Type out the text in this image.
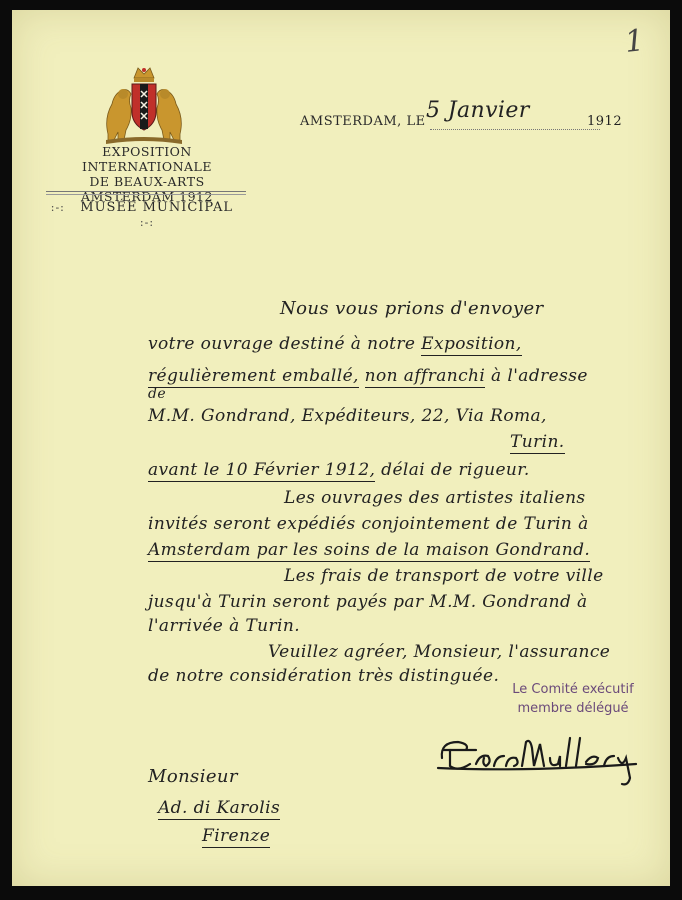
1
EXPOSITION INTERNATIONALE
DE BEAUX-ARTS
AMSTERDAM 1912
:-: MUSÉE MUNICIPAL   :-:
AMSTERDAM, LE 5 Janvier	1912
Nous vous prions d'envoyer
votre ouvrage destiné à notre Exposition,
régulièrement emballé, non affranchi à l'adresse
de
M.M. Gondrand, Expéditeurs, 22, Via Roma,
Turin.
avant le 10 Février 1912, délai de rigueur.
Les ouvrages des artistes italiens
invités seront expédiés conjointement de Turin à
Amsterdam par les soins de la maison Gondrand.
Les frais de transport de votre ville
jusqu'à Turin seront payés par M.M. Gondrand à
l'arrivée à Turin.
Veuillez agréer, Monsieur, l'assurance
de notre considération très distinguée.
Le Comité exécutif
membre délégué
Monsieur
Ad. di Karolis
Firenze
